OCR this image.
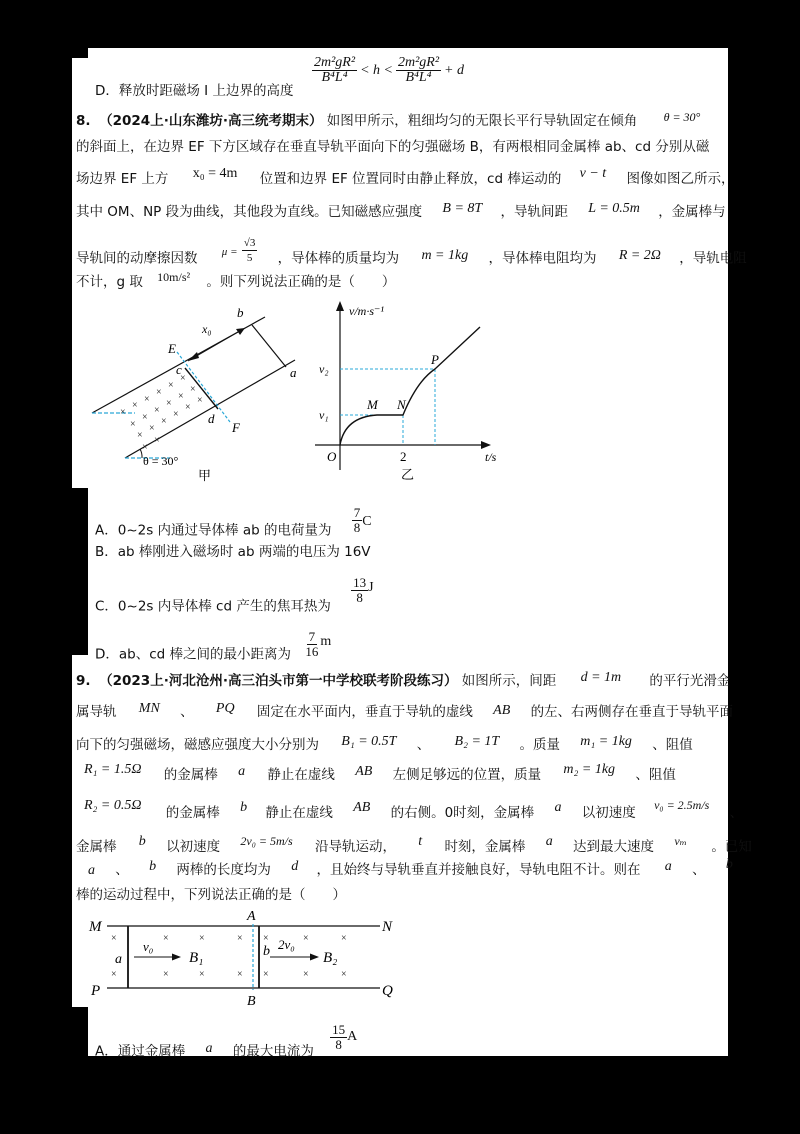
D．释放时距磁场 I 上边界的高度
$\frac{\text{2m²gR²}}{\text{B⁴L⁴}} < h < \frac{\text{2m²gR²}}{\text{B⁴L⁴}} + d$
8. （2024上·山东潍坊·高三统考期末） 如图甲所示，粗细均匀的无限长平行导轨固定在倾角 θ = 30°
的斜面上，在边界 EF 下方区域存在垂直导轨平面向下的匀强磁场 B，有两根相同金属棒 ab、cd 分别从磁
场边界 EF 上方 x₀ = 4m 位置和边界 EF 位置同时由静止释放，cd 棒运动的 v − t 图像如图乙所示，
其中 OM、NP 段为曲线，其他段为直线。已知磁感应强度 B = 8T ，导轨间距 L = 0.5m ，金属棒与
导轨间的动摩擦因数 $^{\mu =} \frac{√3}{5}$ ，导体棒的质量均为 m = 1kg ，导体棒电阻均为 R = 2Ω ，导轨电阻
不计，g 取 10m/s² 。则下列说法正确的是（　　）
×
×
×
×
×
×
×
×
×
×
×
×
×
×
×
×
×
×
×
×
b
a
c
d
E
F
x₀
θ = 30°
甲
v/m·s⁻¹
t/s
O
v₁
v₂
M N
P
2
乙
A．0~2s 内通过导体棒 ab 的电荷量为 $\frac{7}{8}$ C
B．ab 棒刚进入磁场时 ab 两端的电压为 16V
C．0~2s 内导体棒 cd 产生的焦耳热为
$\frac{13}{8}$ J
D．ab、cd 棒之间的最小距离为 $\frac{7}{16}$ m
9. （2023上·河北沧州·高三泊头市第一中学校联考阶段练习） 如图所示，间距 d = 1m 的平行光滑金
属导轨 MN 、 PQ 固定在水平面内，垂直于导轨的虚线 AB 的左、右两侧存在垂直于导轨平面
向下的匀强磁场，磁感应强度大小分别为 B₁ = 0.5T 、 B₂ = 1T 。质量 m₁ = 1kg 、阻值
R₁ = 1.5Ω 的金属棒 a 静止在虚线 AB 左侧足够远的位置，质量 m₂ = 1kg 、阻值
R₂ = 0.5Ω 的金属棒 b 静止在虚线 AB 的右侧。0时刻，金属棒 a 以初速度 v₀ = 2.5m/s 、
金属棒 b 以初速度 2v₀ = 5m/s 沿导轨运动， t 时刻，金属棒 a 达到最大速度 vₘ 。已知
a 、 b 两棒的长度均为 d ，且始终与导轨垂直并接触良好，导轨电阻不计。则在 a 、 b
棒的运动过程中，下列说法正确的是（　　）
×
×
×
×
×
×
×
×
×
×
×
×
×
×
M	N
P	Q
A
B
a
b
v₀	2v₀
B₁	B₂
A．通过金属棒 a 的最大电流为 $\frac{15}{8}$ A
